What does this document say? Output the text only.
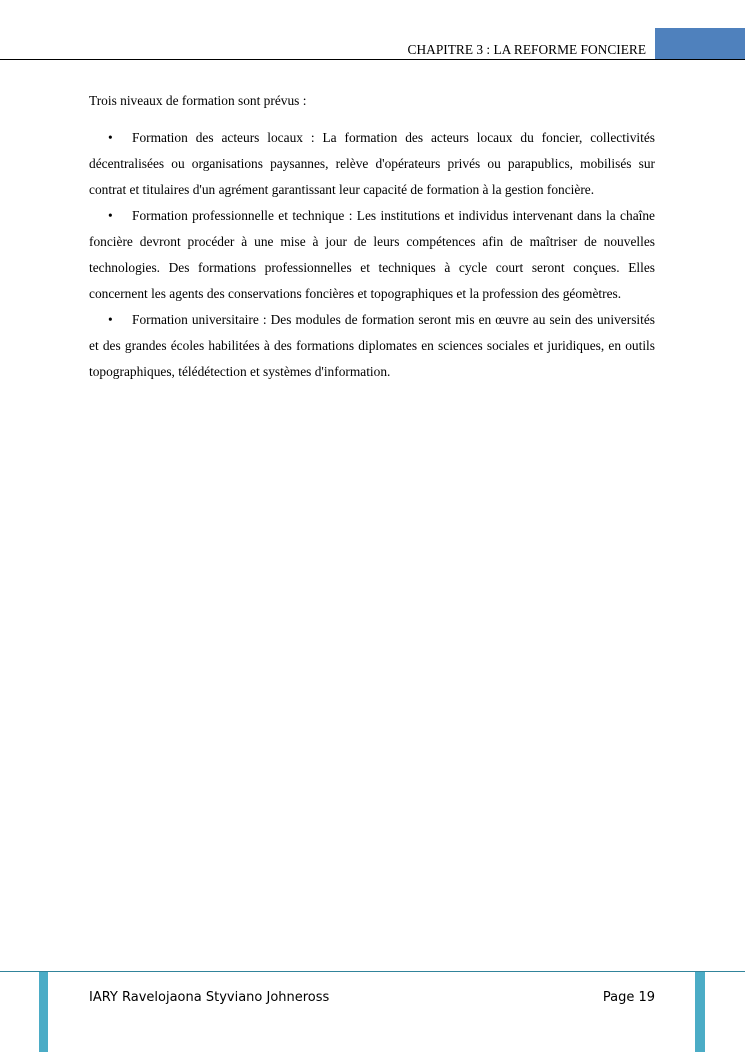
CHAPITRE 3 : LA REFORME FONCIERE

Trois niveaux de formation sont prévus :

• Formation des acteurs locaux : La formation des acteurs locaux du foncier, collectivités décentralisées ou organisations paysannes, relève d'opérateurs privés ou parapublics, mobilisés sur contrat et titulaires d'un agrément garantissant leur capacité de formation à la gestion foncière.
• Formation professionnelle et technique : Les institutions et individus intervenant dans la chaîne foncière devront procéder à une mise à jour de leurs compétences afin de maîtriser de nouvelles technologies. Des formations professionnelles et techniques à cycle court seront conçues. Elles concernent les agents des conservations foncières et topographiques et la profession des géomètres.
• Formation universitaire : Des modules de formation seront mis en œuvre au sein des universités et des grandes écoles habilitées à des formations diplomates en sciences sociales et juridiques, en outils topographiques, télédétection et systèmes d'information.
IARY Ravelojaona Styviano Johneross	Page 19
